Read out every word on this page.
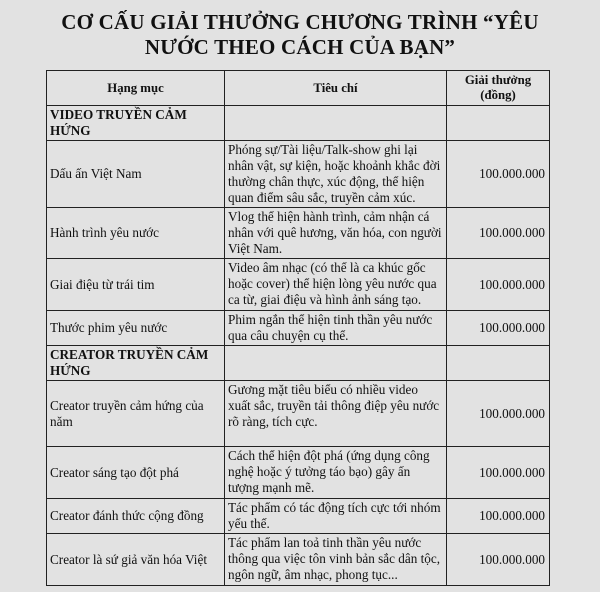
CƠ CẤU GIẢI THƯỞNG CHƯƠNG TRÌNH “YÊU
NƯỚC THEO CÁCH CỦA BẠN”
Hạng mục	Tiêu chí	Giải thưởng (đồng)
VIDEO TRUYỀN CẢM HỨNG		
Dấu ấn Việt Nam	Phóng sự/Tài liệu/Talk-show ghi lại nhân vật, sự kiện, hoặc khoảnh khắc đời thường chân thực, xúc động, thể hiện quan điểm sâu sắc, truyền cảm xúc.	100.000.000
Hành trình yêu nước	Vlog thể hiện hành trình, cảm nhận cá nhân với quê hương, văn hóa, con người Việt Nam.	100.000.000
Giai điệu từ trái tim	Video âm nhạc (có thể là ca khúc gốc hoặc cover) thể hiện lòng yêu nước qua ca từ, giai điệu và hình ảnh sáng tạo.	100.000.000
Thước phim yêu nước	Phim ngắn thể hiện tinh thần yêu nước qua câu chuyện cụ thể.	100.000.000
CREATOR TRUYỀN CẢM HỨNG		
Creator truyền cảm hứng của năm	Gương mặt tiêu biểu có nhiều video xuất sắc, truyền tải thông điệp yêu nước rõ ràng, tích cực.	100.000.000
Creator sáng tạo đột phá	Cách thể hiện đột phá (ứng dụng công nghệ hoặc ý tưởng táo bạo) gây ấn tượng mạnh mẽ.	100.000.000
Creator đánh thức cộng đồng	Tác phẩm có tác động tích cực tới nhóm yếu thế.	100.000.000
Creator là sứ giả văn hóa Việt	Tác phẩm lan toả tinh thần yêu nước thông qua việc tôn vinh bản sắc dân tộc, ngôn ngữ, âm nhạc, phong tục...	100.000.000
